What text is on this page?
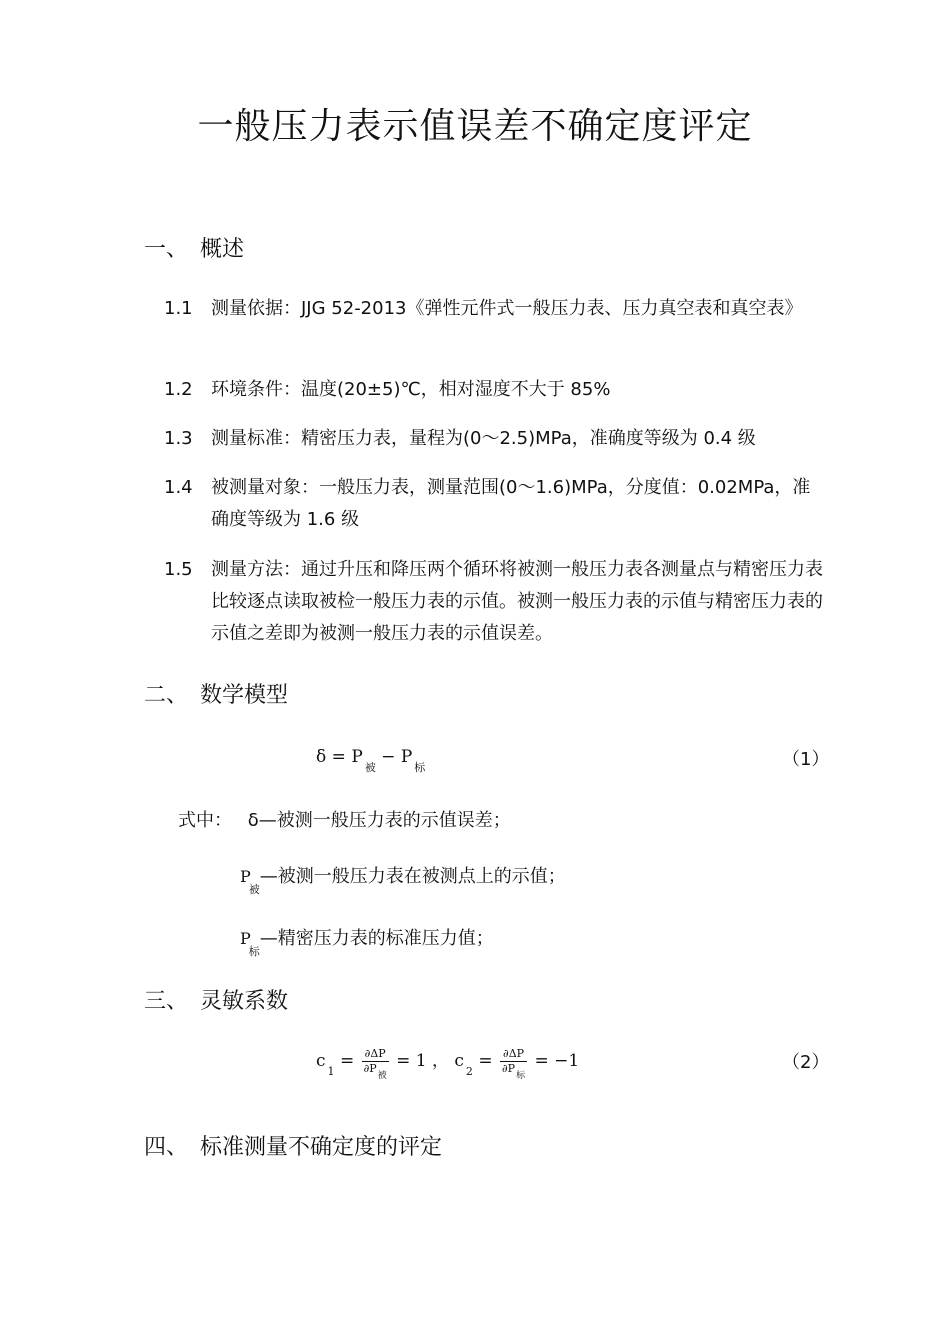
一般压力表示值误差不确定度评定
一、 概述
1.1 测量依据：JJG 52-2013《弹性元件式一般压力表、压力真空表和真空表》
1.2 环境条件：温度(20±5)℃，相对湿度不大于 85%
1.3 测量标准：精密压力表，量程为(0～2.5)MPa，准确度等级为 0.4 级
1.4 被测量对象：一般压力表，测量范围(0～1.6)MPa，分度值：0.02MPa，准确度等级为 1.6 级
1.5 测量方法：通过升压和降压两个循环将被测一般压力表各测量点与精密压力表比较逐点读取被检一般压力表的示值。被测一般压力表的示值与精密压力表的示值之差即为被测一般压力表的示值误差。
二、 数学模型
$\delta = P_被 - P_标$	（1）
式中： δ—被测一般压力表的示值误差；
$P_被—$被测一般压力表在被测点上的示值；
$P_标—$精密压力表的标准压力值；
三、 灵敏系数
$c_1 = \frac{\partial\Delta P}{\partial P_被} = 1$ ， $c_2 = \frac{\partial\Delta P}{\partial P_标} = -1$	（2）
四、 标准测量不确定度的评定
